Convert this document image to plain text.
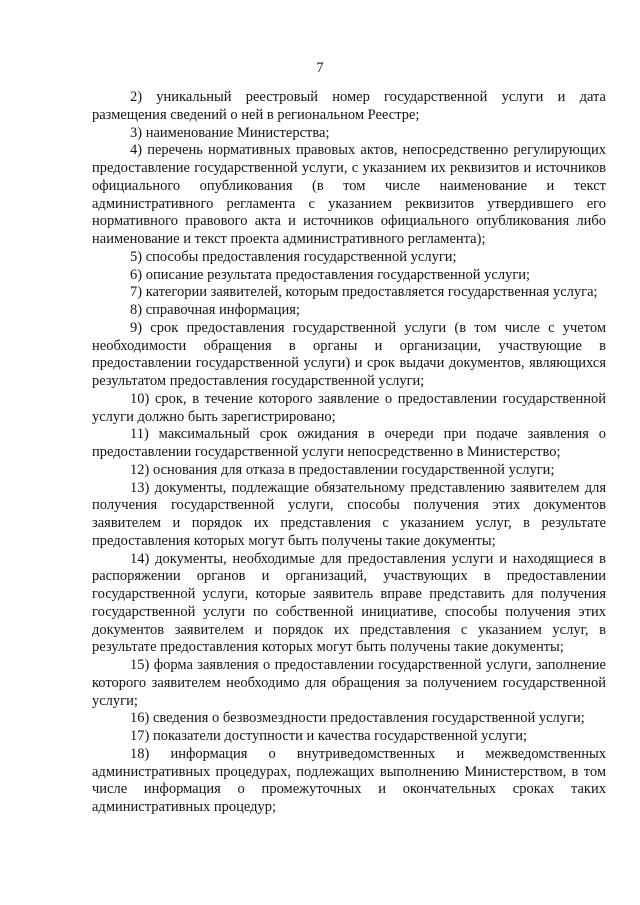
7

2) уникальный реестровый номер государственной услуги и дата размещения сведений о ней в региональном Реестре;

3) наименование Министерства;

4) перечень нормативных правовых актов, непосредственно регулирующих предоставление государственной услуги, с указанием их реквизитов и источников официального опубликования (в том числе наименование и текст административного регламента с указанием реквизитов утвердившего его нормативного правового акта и источников официального опубликования либо наименование и текст проекта административного регламента);

5) способы предоставления государственной услуги;

6) описание результата предоставления государственной услуги;

7) категории заявителей, которым предоставляется государственная услуга;

8) справочная информация;

9) срок предоставления государственной услуги (в том числе с учетом необходимости обращения в органы и организации, участвующие в предоставлении государственной услуги) и срок выдачи документов, являющихся результатом предоставления государственной услуги;

10) срок, в течение которого заявление о предоставлении государственной услуги должно быть зарегистрировано;

11) максимальный срок ожидания в очереди при подаче заявления о предоставлении государственной услуги непосредственно в Министерство;

12) основания для отказа в предоставлении государственной услуги;

13) документы, подлежащие обязательному представлению заявителем для получения государственной услуги, способы получения этих документов заявителем и порядок их представления с указанием услуг, в результате предоставления которых могут быть получены такие документы;

14) документы, необходимые для предоставления услуги и находящиеся в распоряжении органов и организаций, участвующих в предоставлении государственной услуги, которые заявитель вправе представить для получения государственной услуги по собственной инициативе, способы получения этих документов заявителем и порядок их представления с указанием услуг, в результате предоставления которых могут быть получены такие документы;

15) форма заявления о предоставлении государственной услуги, заполнение которого заявителем необходимо для обращения за получением государственной услуги;

16) сведения о безвозмездности предоставления государственной услуги;

17) показатели доступности и качества государственной услуги;

18) информация о внутриведомственных и межведомственных административных процедурах, подлежащих выполнению Министерством, в том числе информация о промежуточных и окончательных сроках таких административных процедур;
